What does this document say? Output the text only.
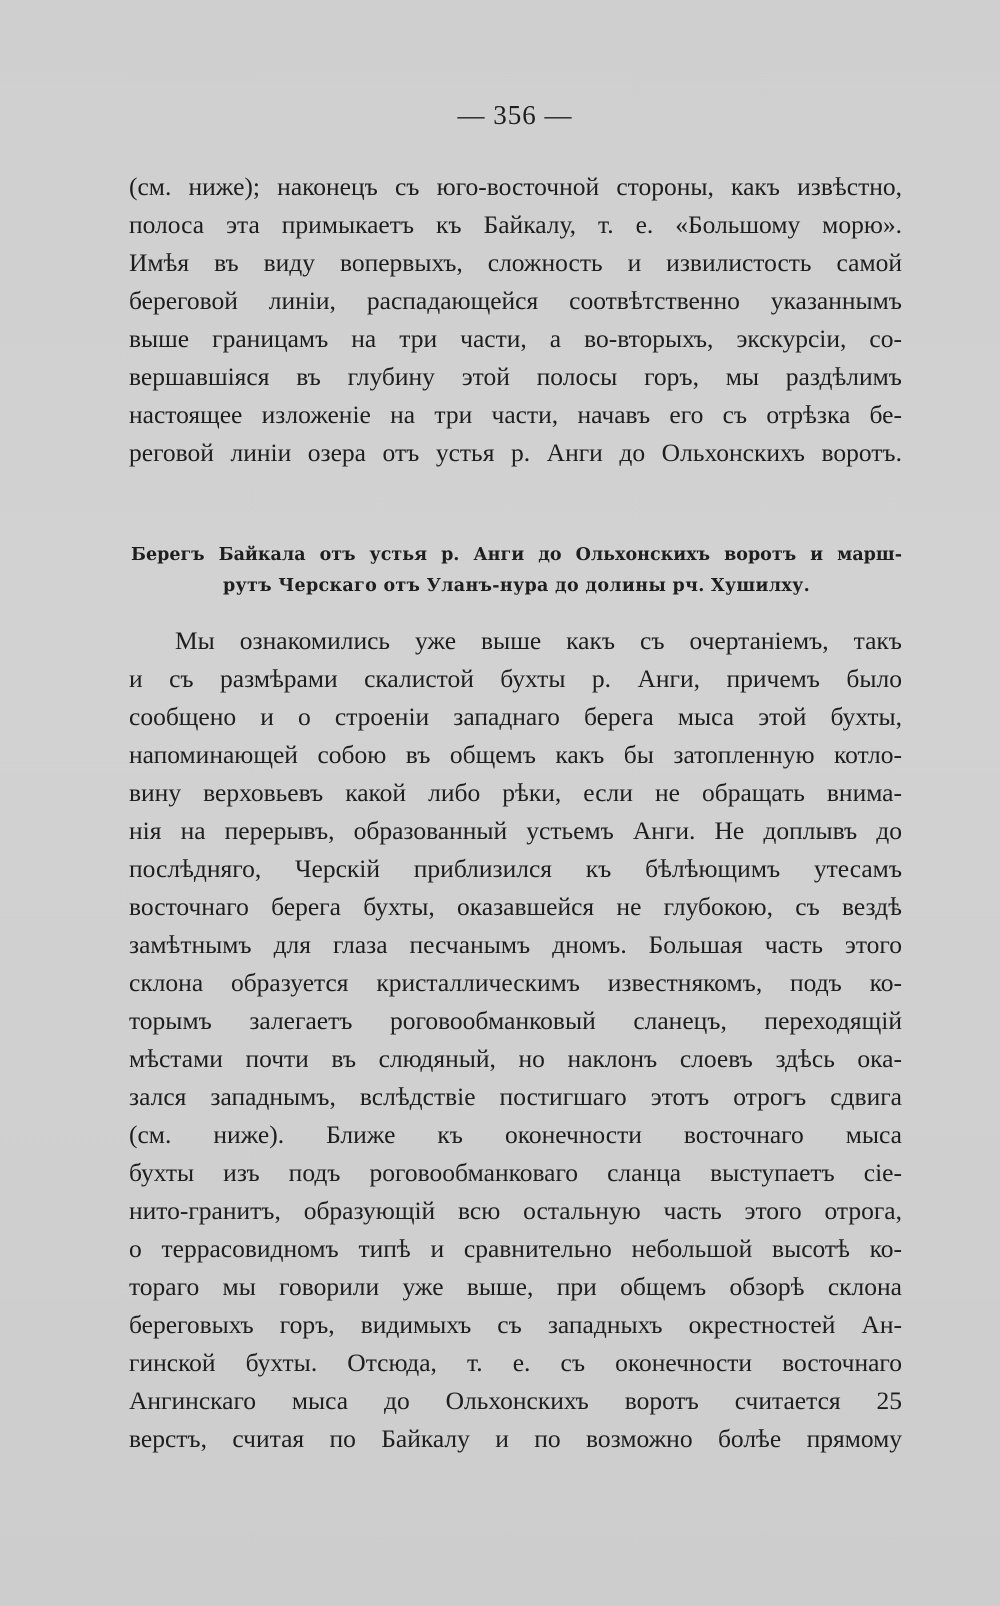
— 356 —
(см. ниже); наконецъ съ юго-восточной стороны, какъ извѣстно,
полоса эта примыкаетъ къ Байкалу, т. е. «Большому морю».
Имѣя въ виду вопервыхъ, сложность и извилистость самой
береговой линіи, распадающейся соотвѣтственно указаннымъ
выше границамъ на три части, а во-вторыхъ, экскурсіи, со-
вершавшіяся въ глубину этой полосы горъ, мы раздѣлимъ
настоящее изложеніе на три части, начавъ его съ отрѣзка бе-
реговой линіи озера отъ устья р. Анги до Ольхонскихъ воротъ.
Берегъ Байкала отъ устья р. Анги до Ольхонскихъ воротъ и марш-
рутъ Черскаго отъ Уланъ-нура до долины рч. Хушилху.
Мы ознакомились уже выше какъ съ очертаніемъ, такъ
и съ размѣрами скалистой бухты р. Анги, причемъ было
сообщено и о строеніи западнаго берега мыса этой бухты,
напоминающей собою въ общемъ какъ бы затопленную котло-
вину верховьевъ какой либо рѣки, если не обращать внима-
нія на перерывъ, образованный устьемъ Анги. Не доплывъ до
послѣдняго, Черскій приблизился къ бѣлѣющимъ утесамъ
восточнаго берега бухты, оказавшейся не глубокою, съ вездѣ
замѣтнымъ для глаза песчанымъ дномъ. Большая часть этого
склона образуется кристаллическимъ известнякомъ, подъ ко-
торымъ залегаетъ роговообманковый сланецъ, переходящій
мѣстами почти въ слюдяный, но наклонъ слоевъ здѣсь ока-
зался западнымъ, вслѣдствіе постигшаго этотъ отрогъ сдвига
(см. ниже). Ближе къ оконечности восточнаго мыса
бухты изъ подъ роговообманковаго сланца выступаетъ сіе-
нито-гранитъ, образующій всю остальную часть этого отрога,
о террасовидномъ типѣ и сравнительно небольшой высотѣ ко-
тораго мы говорили уже выше, при общемъ обзорѣ склона
береговыхъ горъ, видимыхъ съ западныхъ окрестностей Ан-
гинской бухты. Отсюда, т. е. съ оконечности восточнаго
Ангинскаго мыса до Ольхонскихъ воротъ считается 25
верстъ, считая по Байкалу и по возможно болѣе прямому
